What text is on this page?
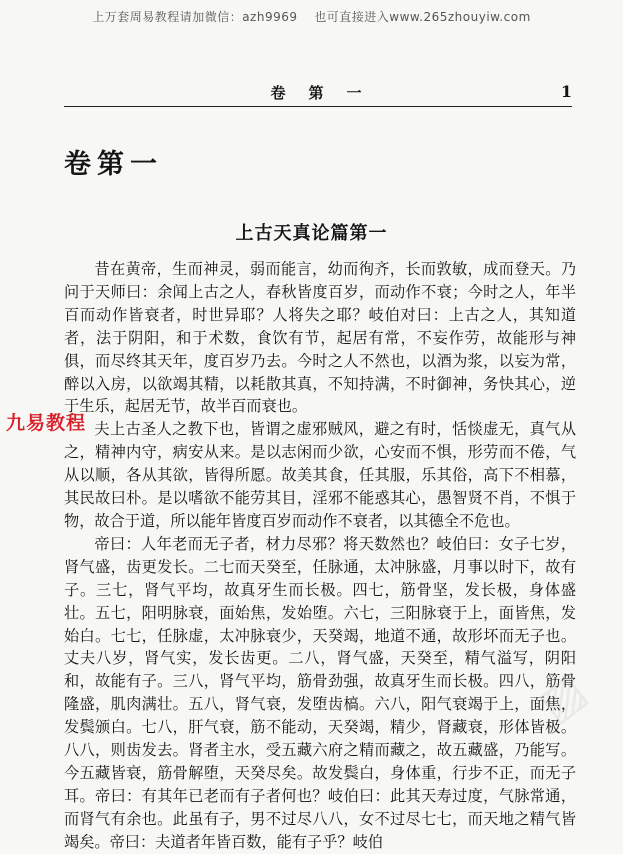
上万套周易教程请加微信：azh9969　 也可直接进入www.265zhouyiw.com
卷　第　一	1
卷第一
上古天真论篇第一

昔在黄帝，生而神灵，弱而能言，幼而徇齐，长而敦敏，成而登天。乃问于天师曰：余闻上古之人，春秋皆度百岁，而动作不衰；今时之人，年半百而动作皆衰者，时世异耶？人将失之耶？岐伯对曰：上古之人，其知道者，法于阴阳，和于术数，食饮有节，起居有常，不妄作劳，故能形与神俱，而尽终其天年，度百岁乃去。今时之人不然也，以酒为浆，以妄为常，醉以入房，以欲竭其精，以耗散其真，不知持满，不时御神，务快其心，逆于生乐，起居无节，故半百而衰也。

夫上古圣人之教下也，皆谓之虚邪贼风，避之有时，恬惔虚无，真气从之，精神内守，病安从来。是以志闲而少欲，心安而不惧，形劳而不倦，气从以顺，各从其欲，皆得所愿。故美其食，任其服，乐其俗，高下不相慕，其民故曰朴。是以嗜欲不能劳其目，淫邪不能惑其心，愚智贤不肖，不惧于物，故合于道，所以能年皆度百岁而动作不衰者，以其德全不危也。

帝曰：人年老而无子者，材力尽邪？将天数然也？岐伯曰：女子七岁，肾气盛，齿更发长。二七而天癸至，任脉通，太冲脉盛，月事以时下，故有子。三七，肾气平均，故真牙生而长极。四七，筋骨坚，发长极，身体盛壮。五七，阳明脉衰，面始焦，发始堕。六七，三阳脉衰于上，面皆焦，发始白。七七，任脉虚，太冲脉衰少，天癸竭，地道不通，故形坏而无子也。丈夫八岁，肾气实，发长齿更。二八，肾气盛，天癸至，精气溢写，阴阳和，故能有子。三八，肾气平均，筋骨劲强，故真牙生而长极。四八，筋骨隆盛，肌肉满壮。五八，肾气衰，发堕齿槁。六八，阳气衰竭于上，面焦，发鬓颁白。七八，肝气衰，筋不能动，天癸竭，精少，肾藏衰，形体皆极。八八，则齿发去。肾者主水，受五藏六府之精而藏之，故五藏盛，乃能写。今五藏皆衰，筋骨解堕，天癸尽矣。故发鬓白，身体重，行步不正，而无子耳。帝曰：有其年已老而有子者何也？岐伯曰：此其天寿过度，气脉常通，而肾气有余也。此虽有子，男不过尽八八，女不过尽七七，而天地之精气皆竭矣。帝曰：夫道者年皆百数，能有子乎？岐伯

九易教程
▨
